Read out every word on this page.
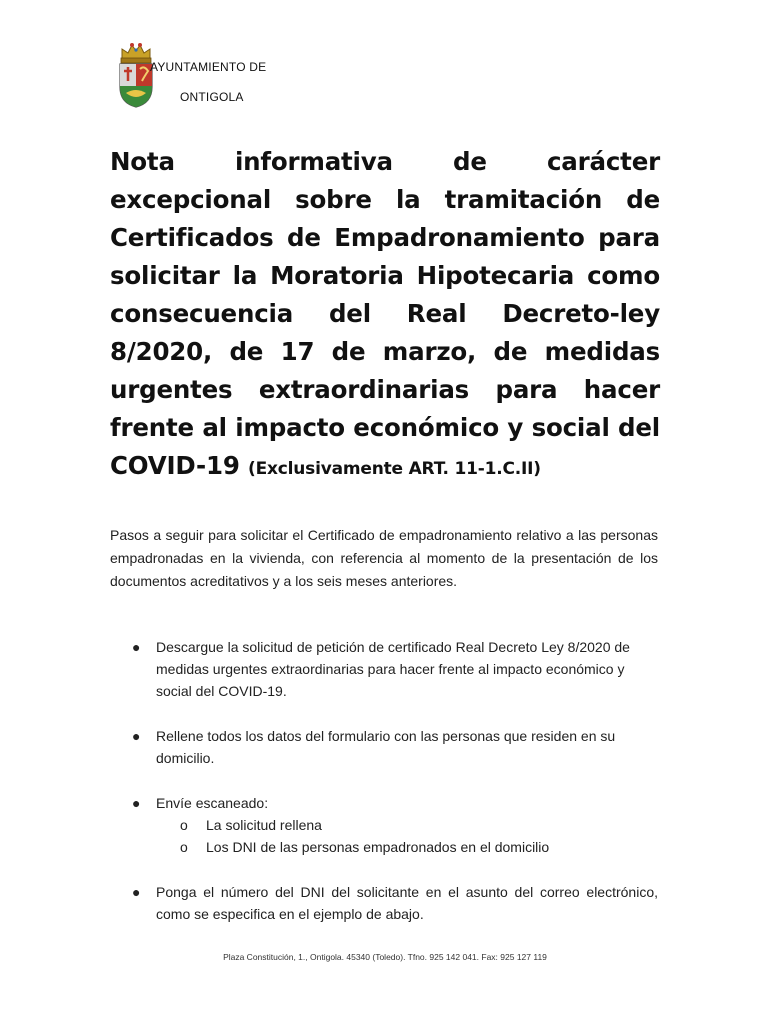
AYUNTAMIENTO DE
ONTIGOLA
Nota informativa de carácter excepcional sobre la tramitación de Certificados de Empadronamiento para solicitar la Moratoria Hipotecaria como consecuencia del Real Decreto-ley 8/2020, de 17 de marzo, de medidas urgentes extraordinarias para hacer frente al impacto económico y social del COVID-19 (Exclusivamente ART. 11-1.C.II)

Pasos a seguir para solicitar el Certificado de empadronamiento relativo a las personas empadronadas en la vivienda, con referencia al momento de la presentación de los documentos acreditativos y a los seis meses anteriores.

● Descargue la solicitud de petición de certificado Real Decreto Ley 8/2020 de medidas urgentes extraordinarias para hacer frente al impacto económico y social del COVID-19.
● Rellene todos los datos del formulario con las personas que residen en su domicilio.
● Envíe escaneado:
o La solicitud rellena
o Los DNI de las personas empadronados en el domicilio
● Ponga el número del DNI del solicitante en el asunto del correo electrónico, como se especifica en el ejemplo de abajo.

Plaza Constitución, 1., Ontigola. 45340 (Toledo). Tfno. 925 142 041. Fax: 925 127 119
